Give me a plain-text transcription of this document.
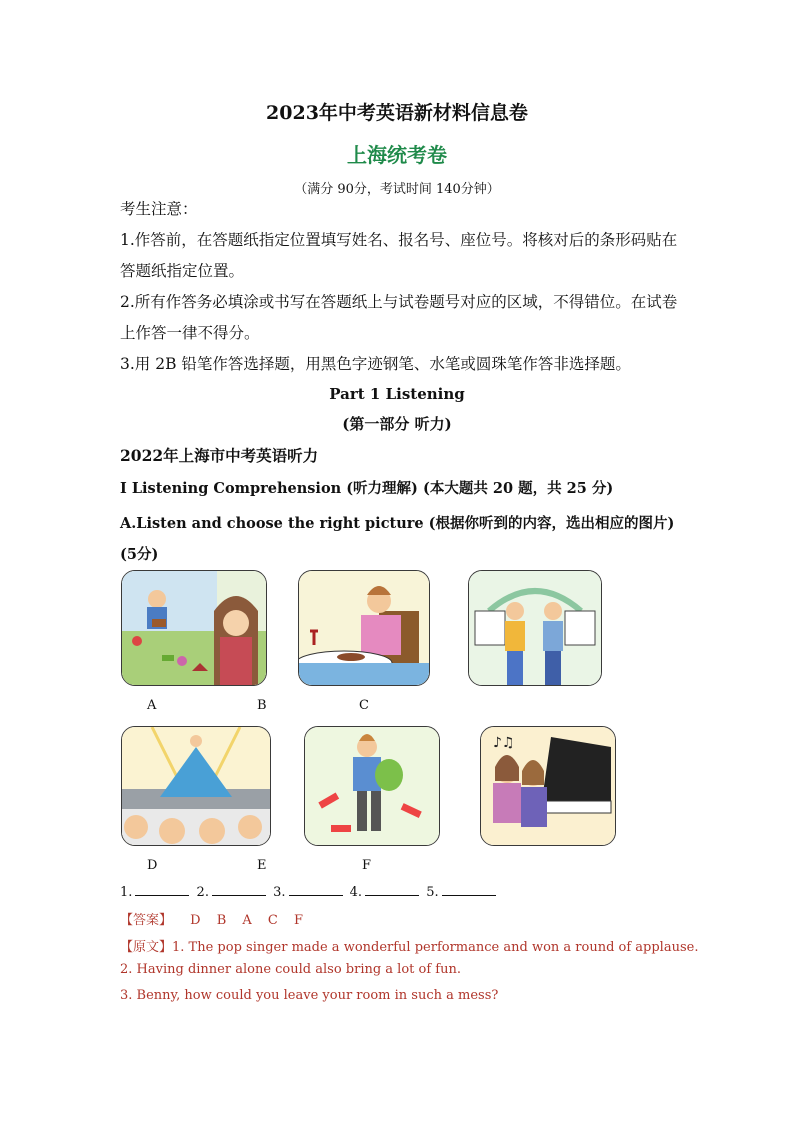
2023年中考英语新材料信息卷
上海统考卷
（满分 90分，考试时间 140分钟）
考生注意：
1.作答前，在答题纸指定位置填写姓名、报名号、座位号。将核对后的条形码贴在答题纸指定位置。
2.所有作答务必填涂或书写在答题纸上与试卷题号对应的区域，不得错位。在试卷上作答一律不得分。
3.用 2B 铅笔作答选择题，用黑色字迹钢笔、水笔或圆珠笔作答非选择题。
Part 1 Listening
(第一部分 听力)
2022年上海市中考英语听力
I Listening Comprehension (听力理解) (本大题共 20 题，共 25 分)
A.Listen and choose the right picture (根据你听到的内容，选出相应的图片) (5分)
A	B	C
♪♫
D	E	F
1.	2.	3.	4.	5.
【答案】 D B A C F
【原文】1. The pop singer made a wonderful performance and won a round of applause.
2. Having dinner alone could also bring a lot of fun.
3. Benny, how could you leave your room in such a mess?
